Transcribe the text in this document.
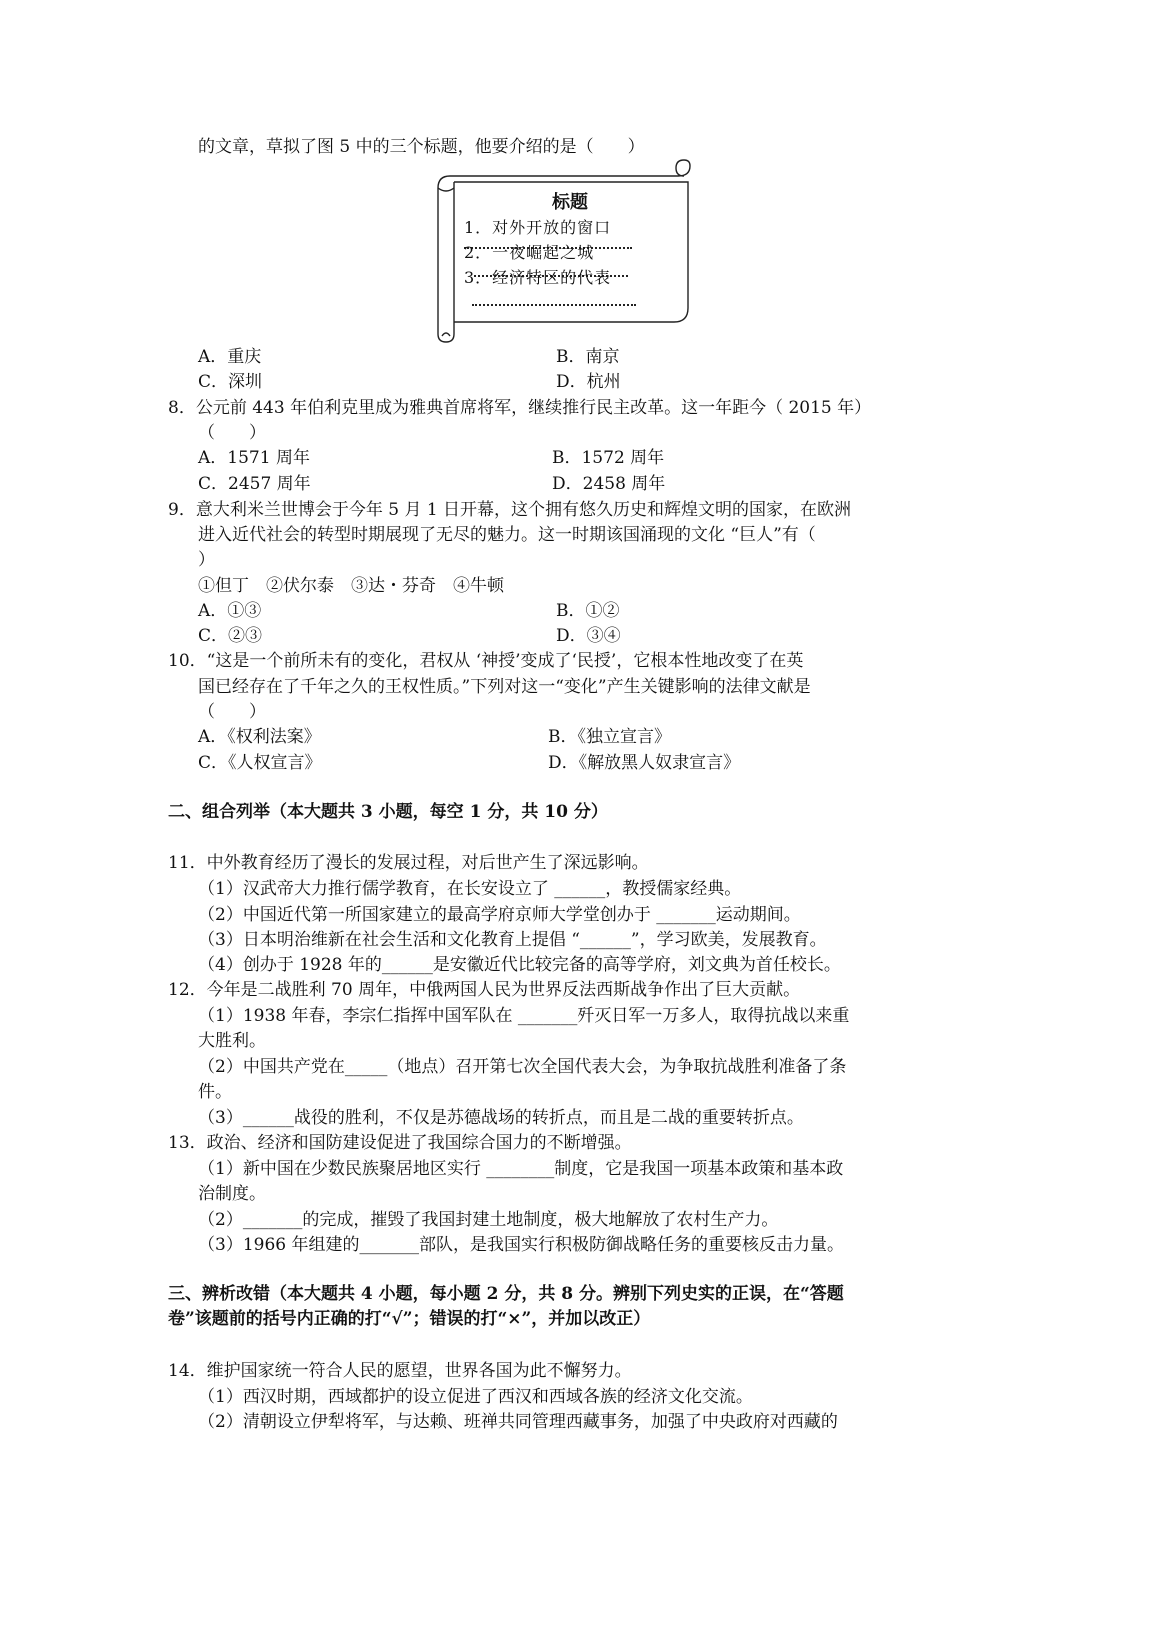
的文章，草拟了图 5 中的三个标题，他要介绍的是（　　）
标题
1．对外开放的窗口
2．一夜崛起之城
3．经济特区的代表
A．重庆	B．南京
C．深圳	D．杭州
8．公元前 443 年伯利克里成为雅典首席将军，继续推行民主改革。这一年距今（ 2015 年）
（　　）
A．1571 周年	B．1572 周年
C．2457 周年	D．2458 周年
9．意大利米兰世博会于今年 5 月 1 日开幕，这个拥有悠久历史和辉煌文明的国家，在欧洲
进入近代社会的转型时期展现了无尽的魅力。这一时期该国涌现的文化 “巨人”有（
）
①但丁　②伏尔泰　③达・芬奇　④牛顿
A．①③	B．①②
C．②③	D．③④
10．“这是一个前所未有的变化，君权从 ‘神授’变成了‘民授’，它根本性地改变了在英
国已经存在了千年之久的王权性质。”下列对这一“变化”产生关键影响的法律文献是
（　　）
A．《权利法案》	B．《独立宣言》
C．《人权宣言》	D．《解放黑人奴隶宣言》
二、组合列举（本大题共 3 小题，每空 1 分，共 10 分）
11．中外教育经历了漫长的发展过程，对后世产生了深远影响。
（1）汉武帝大力推行儒学教育，在长安设立了 ______，教授儒家经典。
（2）中国近代第一所国家建立的最高学府京师大学堂创办于 _______运动期间。
（3）日本明治维新在社会生活和文化教育上提倡 “______”，学习欧美，发展教育。
（4）创办于 1928 年的______是安徽近代比较完备的高等学府，刘文典为首任校长。
12．今年是二战胜利 70 周年，中俄两国人民为世界反法西斯战争作出了巨大贡献。
（1）1938 年春，李宗仁指挥中国军队在 _______歼灭日军一万多人，取得抗战以来重
大胜利。
（2）中国共产党在_____（地点）召开第七次全国代表大会，为争取抗战胜利准备了条
件。
（3）______战役的胜利，不仅是苏德战场的转折点，而且是二战的重要转折点。
13．政治、经济和国防建设促进了我国综合国力的不断增强。
（1）新中国在少数民族聚居地区实行 ________制度，它是我国一项基本政策和基本政
治制度。
（2）_______的完成，摧毁了我国封建土地制度，极大地解放了农村生产力。
（3）1966 年组建的_______部队，是我国实行积极防御战略任务的重要核反击力量。
三、辨析改错（本大题共 4 小题，每小题 2 分，共 8 分。辨别下列史实的正误，在“答题
卷”该题前的括号内正确的打“√”；错误的打“×”，并加以改正）
14．维护国家统一符合人民的愿望，世界各国为此不懈努力。
（1）西汉时期，西域都护的设立促进了西汉和西域各族的经济文化交流。
（2）清朝设立伊犁将军，与达赖、班禅共同管理西藏事务，加强了中央政府对西藏的
